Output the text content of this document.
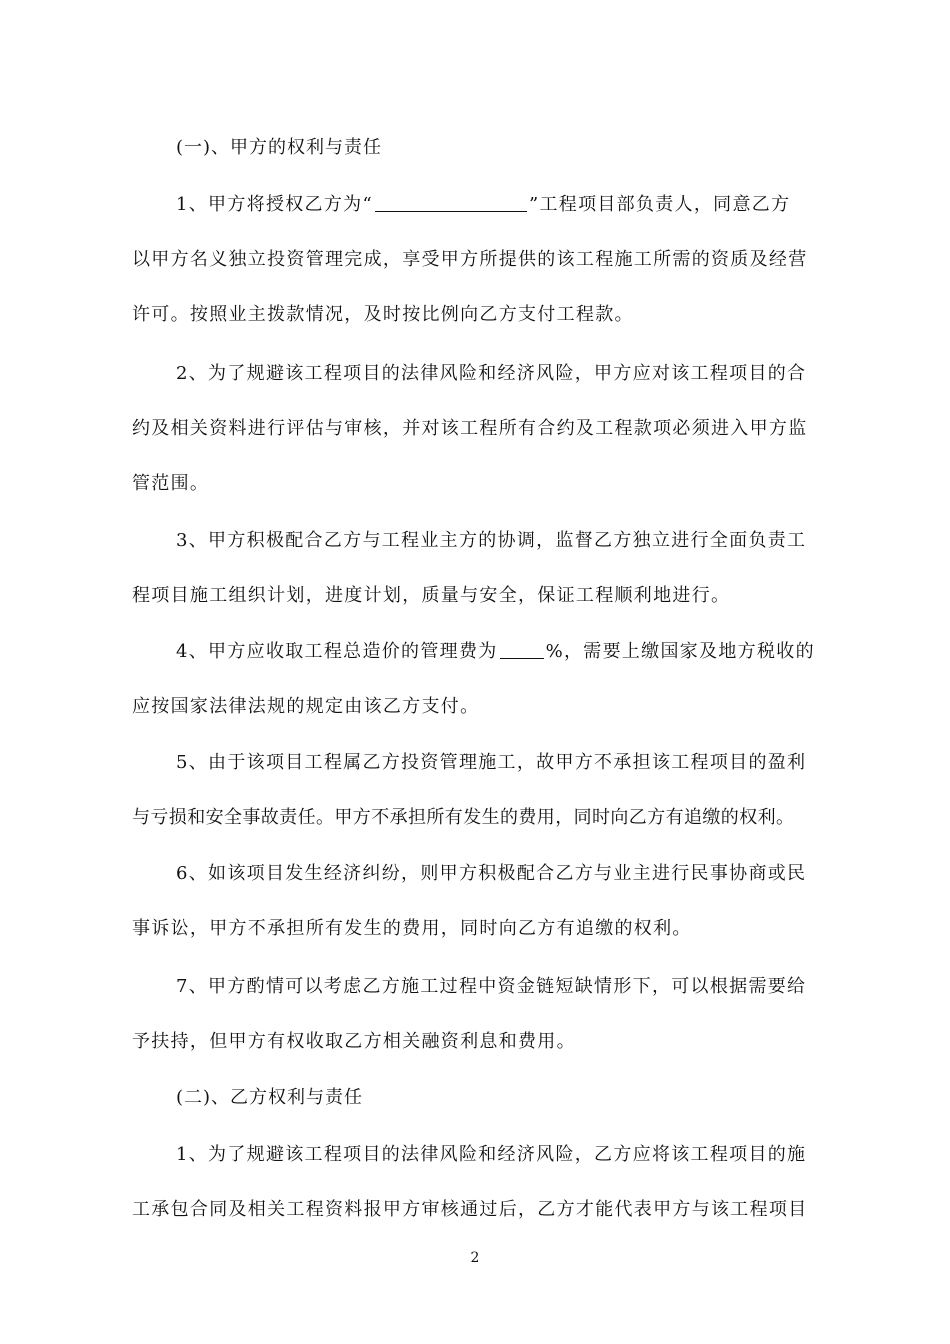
(一)、甲方的权利与责任
1、甲方将授权乙方为“	”工程项目部负责人，同意乙方
以甲方名义独立投资管理完成，享受甲方所提供的该工程施工所需的资质及经营
许可。按照业主拨款情况，及时按比例向乙方支付工程款。
2、为了规避该工程项目的法律风险和经济风险，甲方应对该工程项目的合
约及相关资料进行评估与审核，并对该工程所有合约及工程款项必须进入甲方监
管范围。
3、甲方积极配合乙方与工程业主方的协调，监督乙方独立进行全面负责工
程项目施工组织计划，进度计划，质量与安全，保证工程顺利地进行。
4、甲方应收取工程总造价的管理费为	%，需要上缴国家及地方税收的
应按国家法律法规的规定由该乙方支付。
5、由于该项目工程属乙方投资管理施工，故甲方不承担该工程项目的盈利
与亏损和安全事故责任。甲方不承担所有发生的费用，同时向乙方有追缴的权利。
6、如该项目发生经济纠纷，则甲方积极配合乙方与业主进行民事协商或民
事诉讼，甲方不承担所有发生的费用，同时向乙方有追缴的权利。
7、甲方酌情可以考虑乙方施工过程中资金链短缺情形下，可以根据需要给
予扶持，但甲方有权收取乙方相关融资利息和费用。
(二)、乙方权利与责任
1、为了规避该工程项目的法律风险和经济风险，乙方应将该工程项目的施
工承包合同及相关工程资料报甲方审核通过后，乙方才能代表甲方与该工程项目
2
